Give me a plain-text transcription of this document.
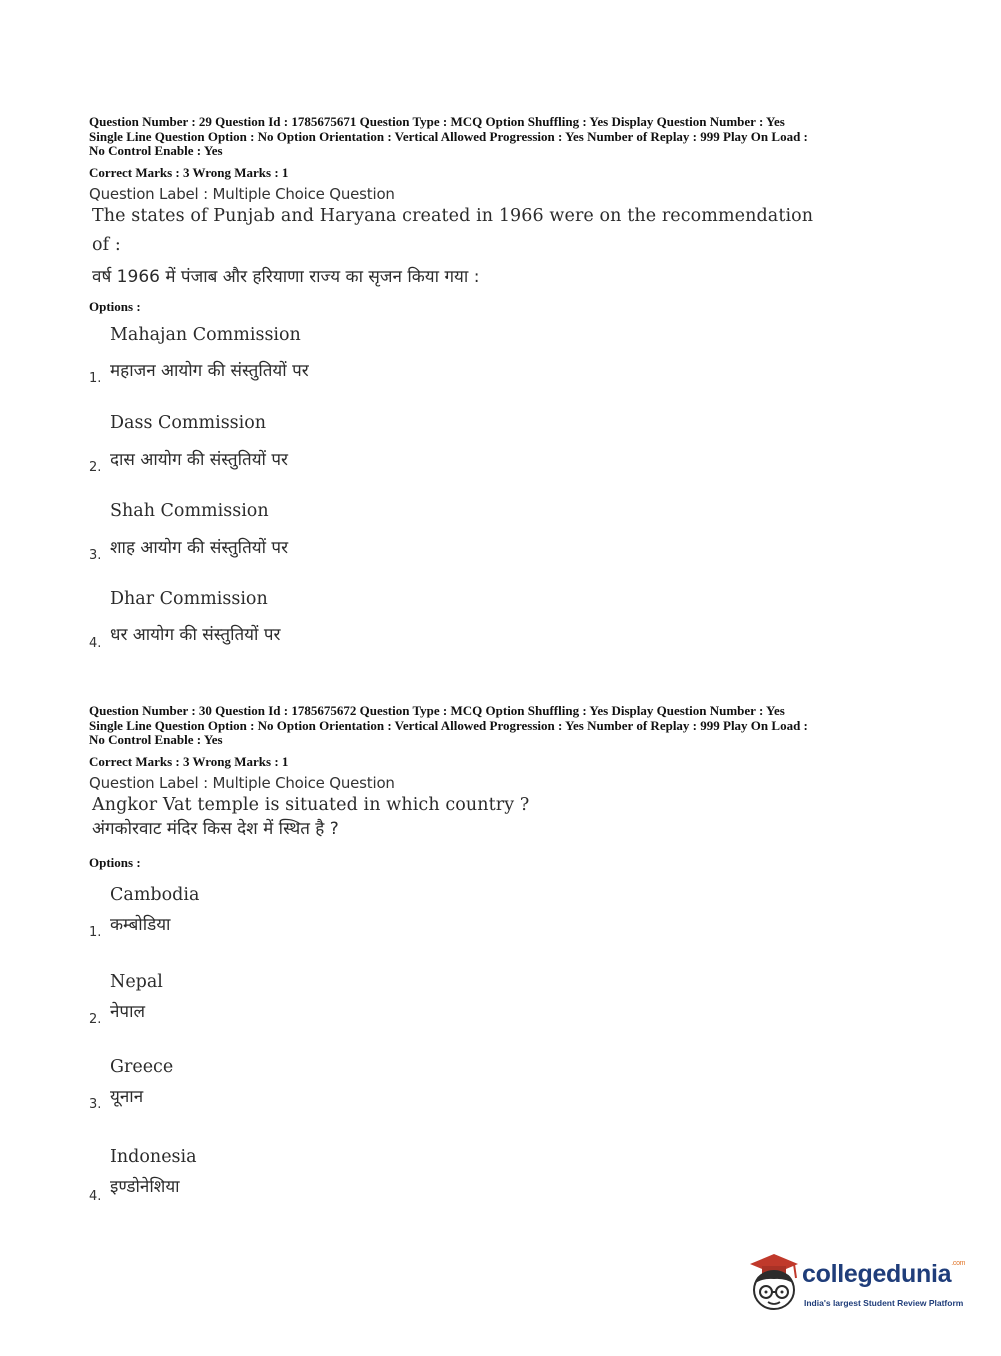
Question Number : 29 Question Id : 1785675671 Question Type : MCQ Option Shuffling : Yes Display Question Number : Yes

Single Line Question Option : No Option Orientation : Vertical Allowed Progression : Yes Number of Replay : 999 Play On Load :

No Control Enable : Yes

Correct Marks : 3 Wrong Marks : 1
Question Label : Multiple Choice Question
The states of Punjab and Haryana created in 1966 were on the recommendation
of :
वर्ष 1966 में पंजाब और हरियाणा राज्य का सृजन किया गया :
Options :
Mahajan Commission
महाजन आयोग की संस्तुतियों पर
1.
Dass Commission
दास आयोग की संस्तुतियों पर
2.
Shah Commission
शाह आयोग की संस्तुतियों पर
3.
Dhar Commission
धर आयोग की संस्तुतियों पर
4.

Question Number : 30 Question Id : 1785675672 Question Type : MCQ Option Shuffling : Yes Display Question Number : Yes

Single Line Question Option : No Option Orientation : Vertical Allowed Progression : Yes Number of Replay : 999 Play On Load :

No Control Enable : Yes

Correct Marks : 3 Wrong Marks : 1
Question Label : Multiple Choice Question
Angkor Vat temple is situated in which country ?
अंगकोरवाट मंदिर किस देश में स्थित है ?
Options :
Cambodia
कम्बोडिया
1.
Nepal
नेपाल
2.
Greece
यूनान
3.
Indonesia
इण्डोनेशिया
4.
collegedunia$^{.com}$
India's largest Student Review Platform
